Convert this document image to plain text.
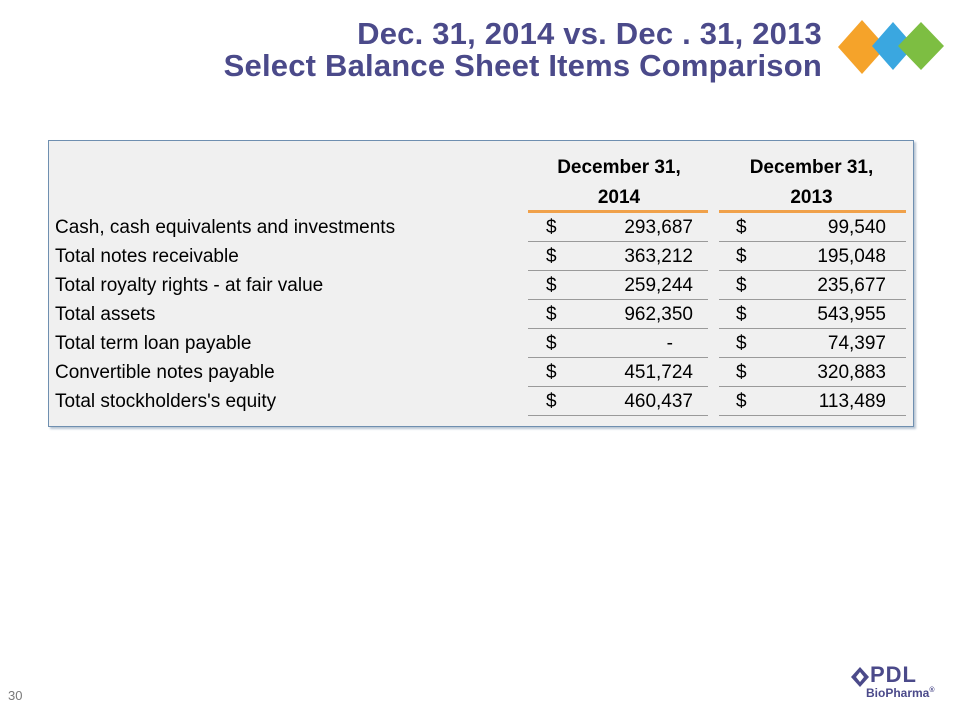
Dec. 31, 2014 vs. Dec . 31, 2013
Select Balance Sheet Items Comparison
December 31,
2014
December 31,
2013
Cash, cash equivalents and investments	$	293,687 $	99,540
Total notes receivable	$	363,212 $	195,048
Total royalty rights - at fair value	$	259,244 $	235,677
Total assets	$	962,350 $	543,955
Total term loan payable	$	-	$	74,397
Convertible notes payable	$	451,724 $	320,883
Total stockholders's equity	$	460,437 $	113,489
30
PDL
BioPharma®
